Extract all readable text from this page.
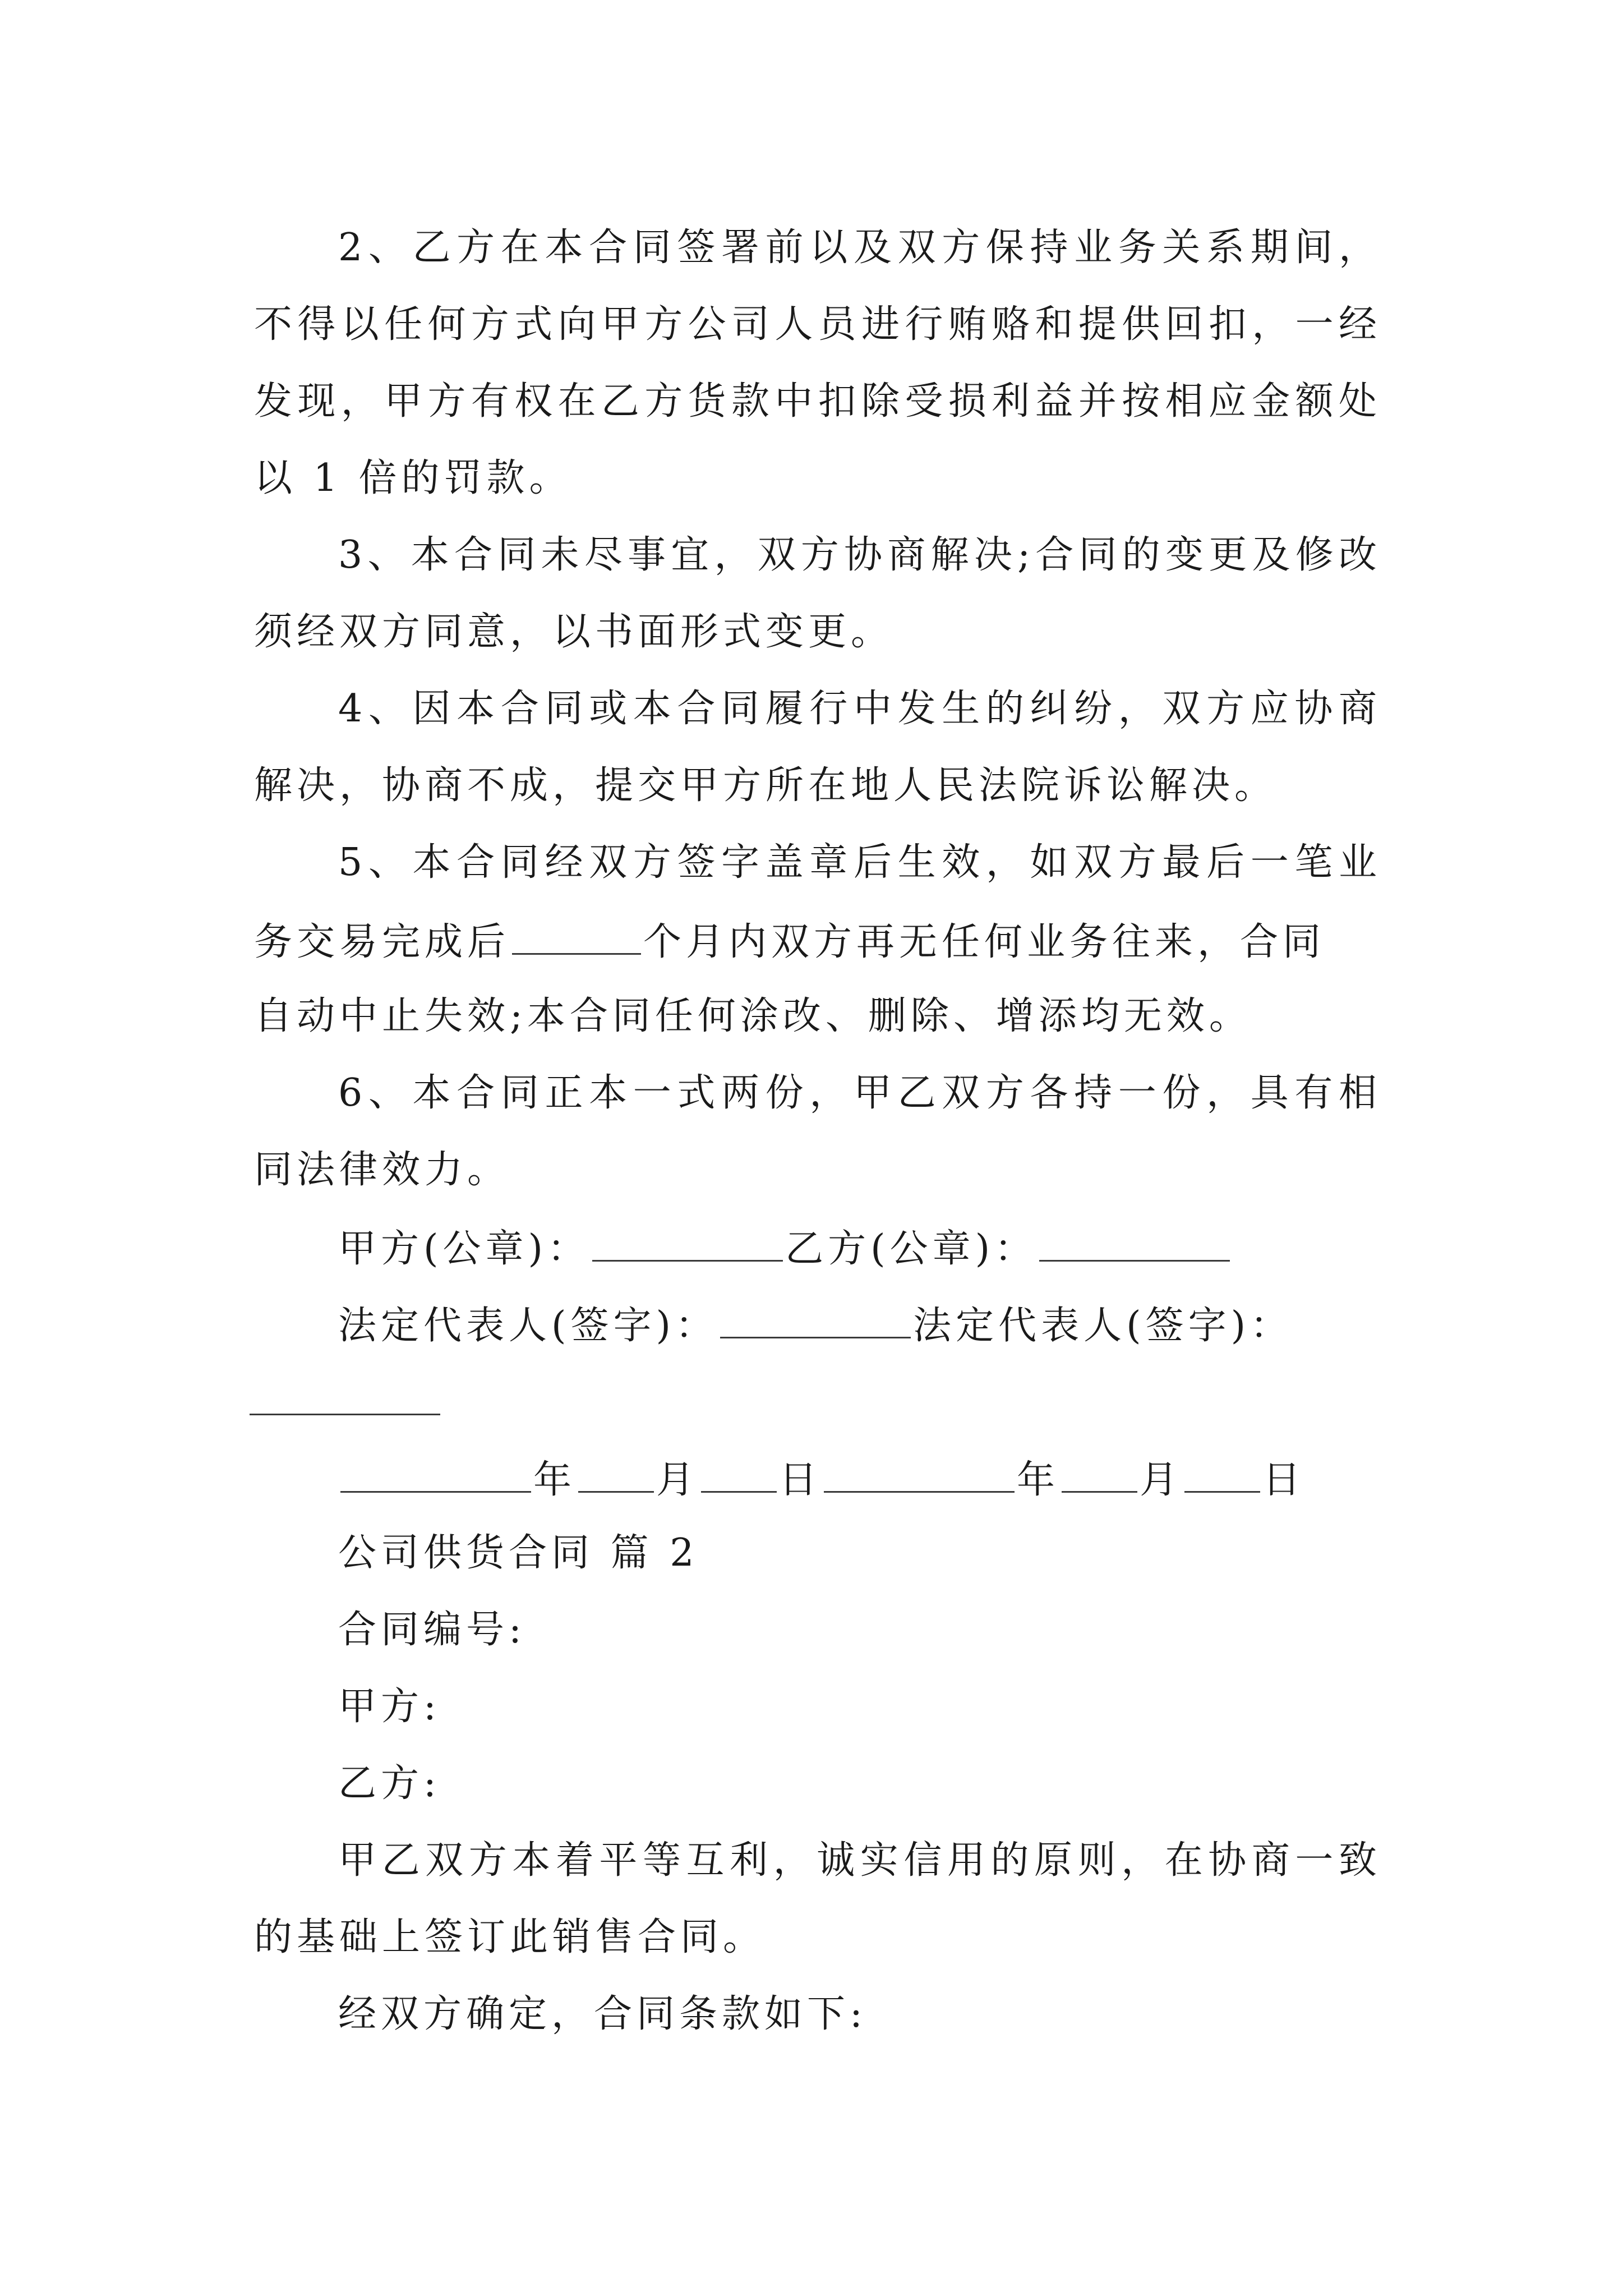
2、乙方在本合同签署前以及双方保持业务关系期间，
不得以任何方式向甲方公司人员进行贿赂和提供回扣，一经
发现，甲方有权在乙方货款中扣除受损利益并按相应金额处
以 1 倍的罚款。
3、本合同未尽事宜，双方协商解决;合同的变更及修改
须经双方同意，以书面形式变更。
4、因本合同或本合同履行中发生的纠纷，双方应协商
解决，协商不成，提交甲方所在地人民法院诉讼解决。
5、本合同经双方签字盖章后生效，如双方最后一笔业
务交易完成后	个月内双方再无任何业务往来，合同
自动中止失效;本合同任何涂改、删除、增添均无效。
6、本合同正本一式两份，甲乙双方各持一份，具有相
同法律效力。
甲方(公章)：	乙方(公章)：
法定代表人(签字)：	法定代表人(签字)：
年 月 日	年 月 日
公司供货合同 篇 2
合同编号:
甲方:
乙方:
甲乙双方本着平等互利，诚实信用的原则，在协商一致
的基础上签订此销售合同。
经双方确定，合同条款如下:
